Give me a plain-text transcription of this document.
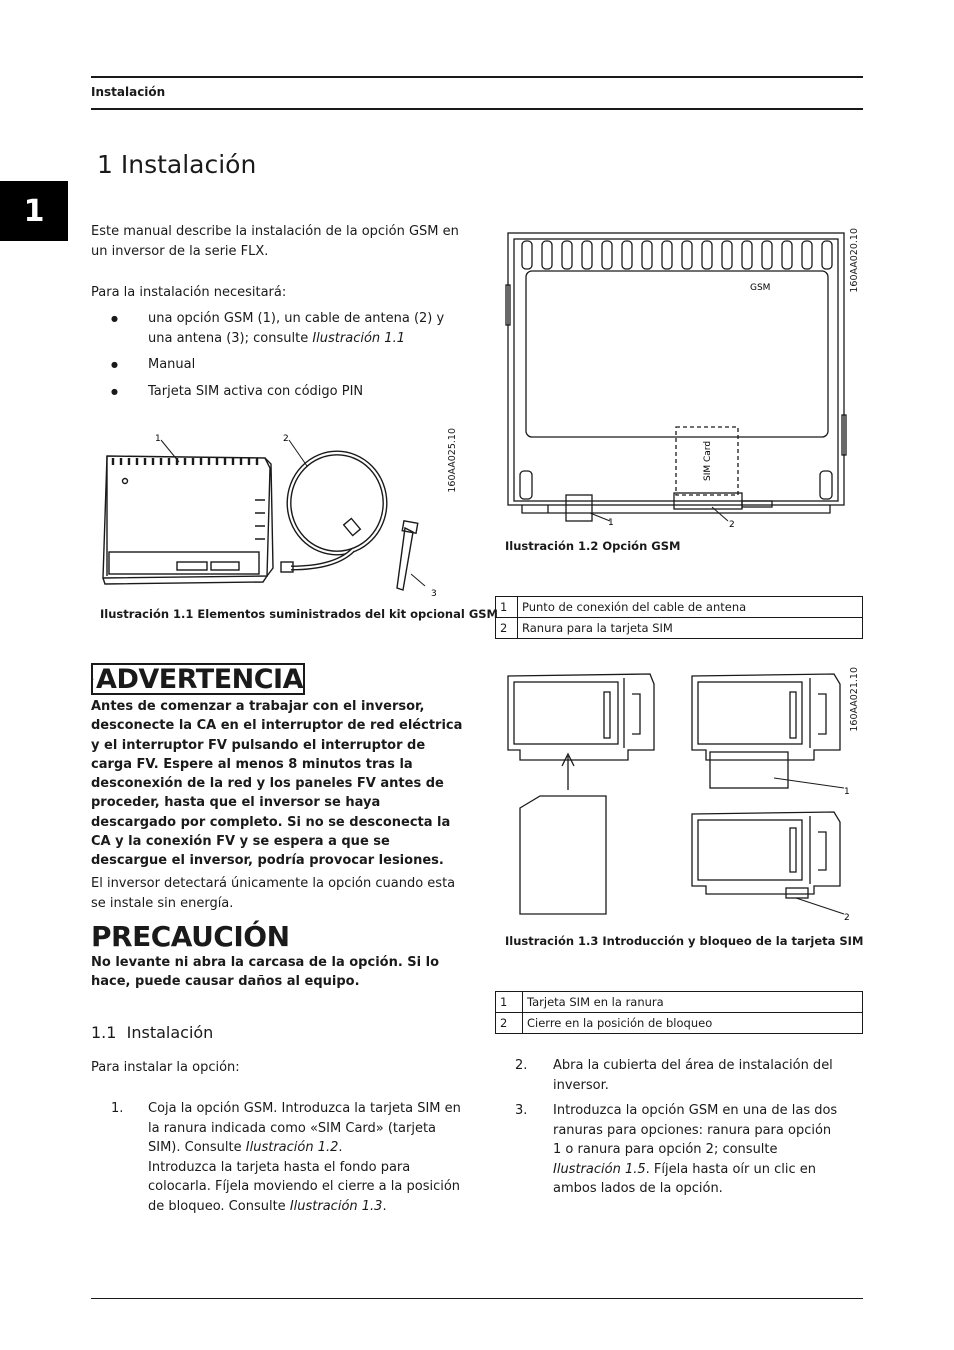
Instalación
1
1 Instalación
Este manual describe la instalación de la opción GSM en un inversor de la serie FLX.
Para la instalación necesitará:
● una opción GSM (1), un cable de antena (2) y una antena (3); consulte Ilustración 1.1
● Manual
● Tarjeta SIM activa con código PIN
1	2
3
160AA025.10
Ilustración 1.1 Elementos suministrados del kit opcional GSM
ADVERTENCIA
Antes de comenzar a trabajar con el inversor, desconecte la CA en el interruptor de red eléctrica y el interruptor FV pulsando el interruptor de carga FV. Espere al menos 8 minutos tras la desconexión de la red y los paneles FV antes de proceder, hasta que el inversor se haya descargado por completo. Si no se desconecta la CA y la conexión FV y se espera a que se descargue el inversor, podría provocar lesiones.
El inversor detectará únicamente la opción cuando esta se instale sin energía.
PRECAUCIÓN
No levante ni abra la carcasa de la opción. Si lo hace, puede causar daños al equipo.
1.1 Instalación
Para instalar la opción:
1. Coja la opción GSM. Introduzca la tarjeta SIM en la ranura indicada como «SIM Card» (tarjeta SIM). Consulte Ilustración 1.2.
Introduzca la tarjeta hasta el fondo para colocarla. Fíjela moviendo el cierre a la posición de bloqueo. Consulte Ilustración 1.3.
GSM
SIM Card
1	2
160AA020.10
Ilustración 1.2 Opción GSM
1	Punto de conexión del cable de antena
2	Ranura para la tarjeta SIM
1
2
160AA021.10
Ilustración 1.3 Introducción y bloqueo de la tarjeta SIM
1	Tarjeta SIM en la ranura
2	Cierre en la posición de bloqueo
2. Abra la cubierta del área de instalación del inversor.
3. Introduzca la opción GSM en una de las dos ranuras para opciones: ranura para opción 1 o ranura para opción 2; consulte Ilustración 1.5. Fíjela hasta oír un clic en ambos lados de la opción.
